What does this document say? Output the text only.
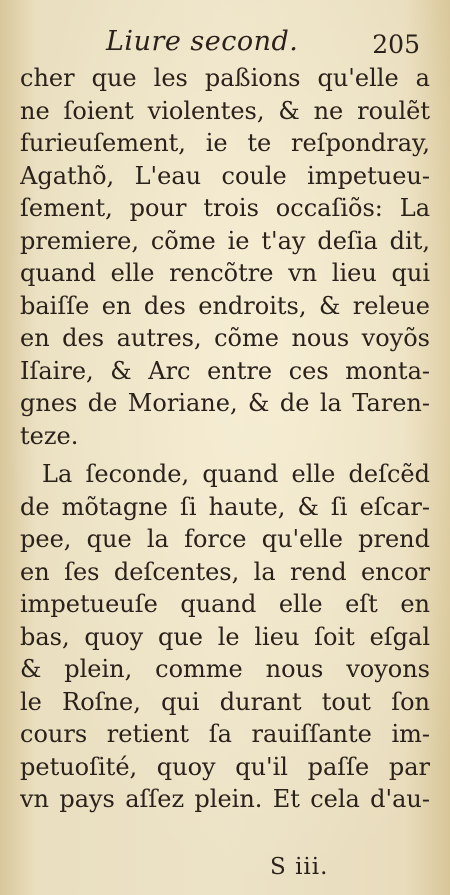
Liure second.	205
cher que les paßions qu'elle a
ne ſoient violentes, & ne roulẽt
furieuſement, ie te reſpondray,
Agathõ, L'eau coule impetueu-
ſement, pour trois occaſiõs: La
premiere, cõme ie t'ay deſia dit,
quand elle rencõtre vn lieu qui
baiſſe en des endroits, & releue
en des autres, cõme nous voyõs
Iſaire, & Arc entre ces monta-
gnes de Moriane, & de la Taren-
teze.
La ſeconde, quand elle deſcẽd
de mõtagne ſi haute, & ſi eſcar-
pee, que la force qu'elle prend
en ſes deſcentes, la rend encor
impetueuſe quand elle eſt en
bas, quoy que le lieu ſoit eſgal
& plein, comme nous voyons
le Roſne, qui durant tout ſon
cours retient ſa rauiſſante im-
petuoſité, quoy qu'il paſſe par
vn pays aſſez plein. Et cela d'au-
S iii.
